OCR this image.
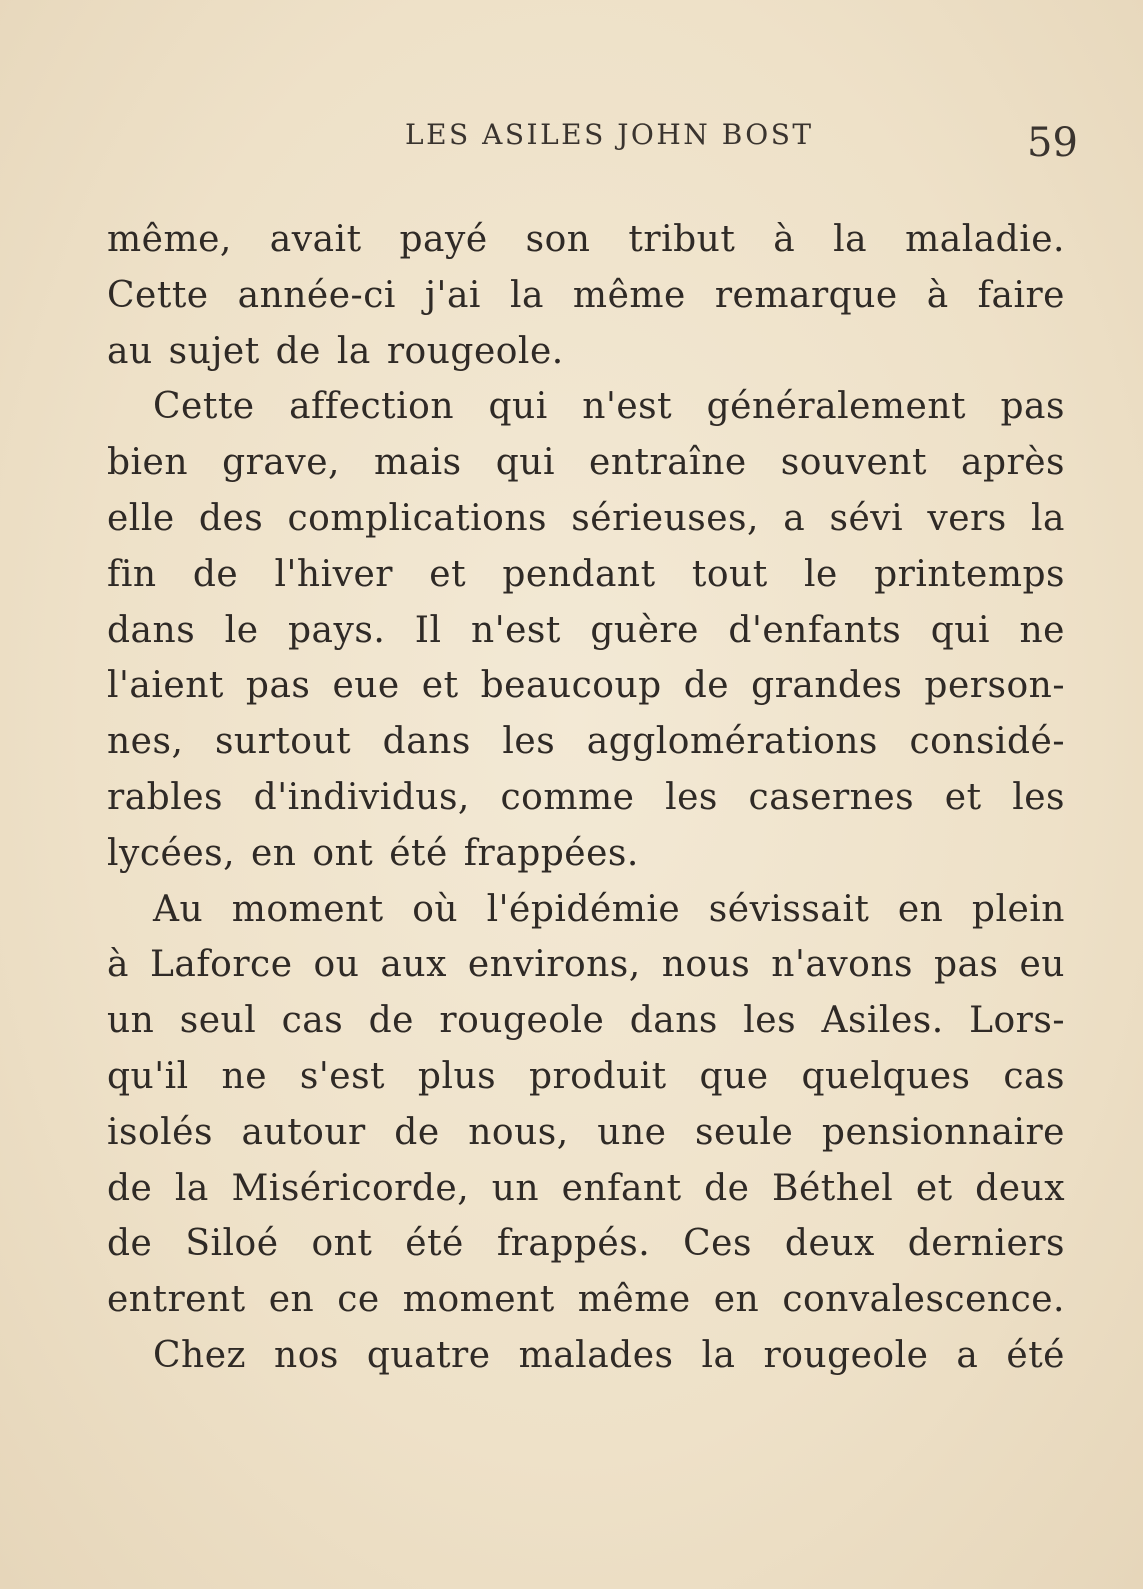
LES ASILES JOHN BOST	59
même, avait payé son tribut à la maladie.
Cette année-ci j'ai la même remarque à faire
au sujet de la rougeole.
Cette affection qui n'est généralement pas
bien grave, mais qui entraîne souvent après
elle des complications sérieuses, a sévi vers la
fin de l'hiver et pendant tout le printemps
dans le pays. Il n'est guère d'enfants qui ne
l'aient pas eue et beaucoup de grandes person-
nes, surtout dans les agglomérations considé-
rables d'individus, comme les casernes et les
lycées, en ont été frappées.
Au moment où l'épidémie sévissait en plein
à Laforce ou aux environs, nous n'avons pas eu
un seul cas de rougeole dans les Asiles. Lors-
qu'il ne s'est plus produit que quelques cas
isolés autour de nous, une seule pensionnaire
de la Miséricorde, un enfant de Béthel et deux
de Siloé ont été frappés. Ces deux derniers
entrent en ce moment même en convalescence.
Chez nos quatre malades la rougeole a été
